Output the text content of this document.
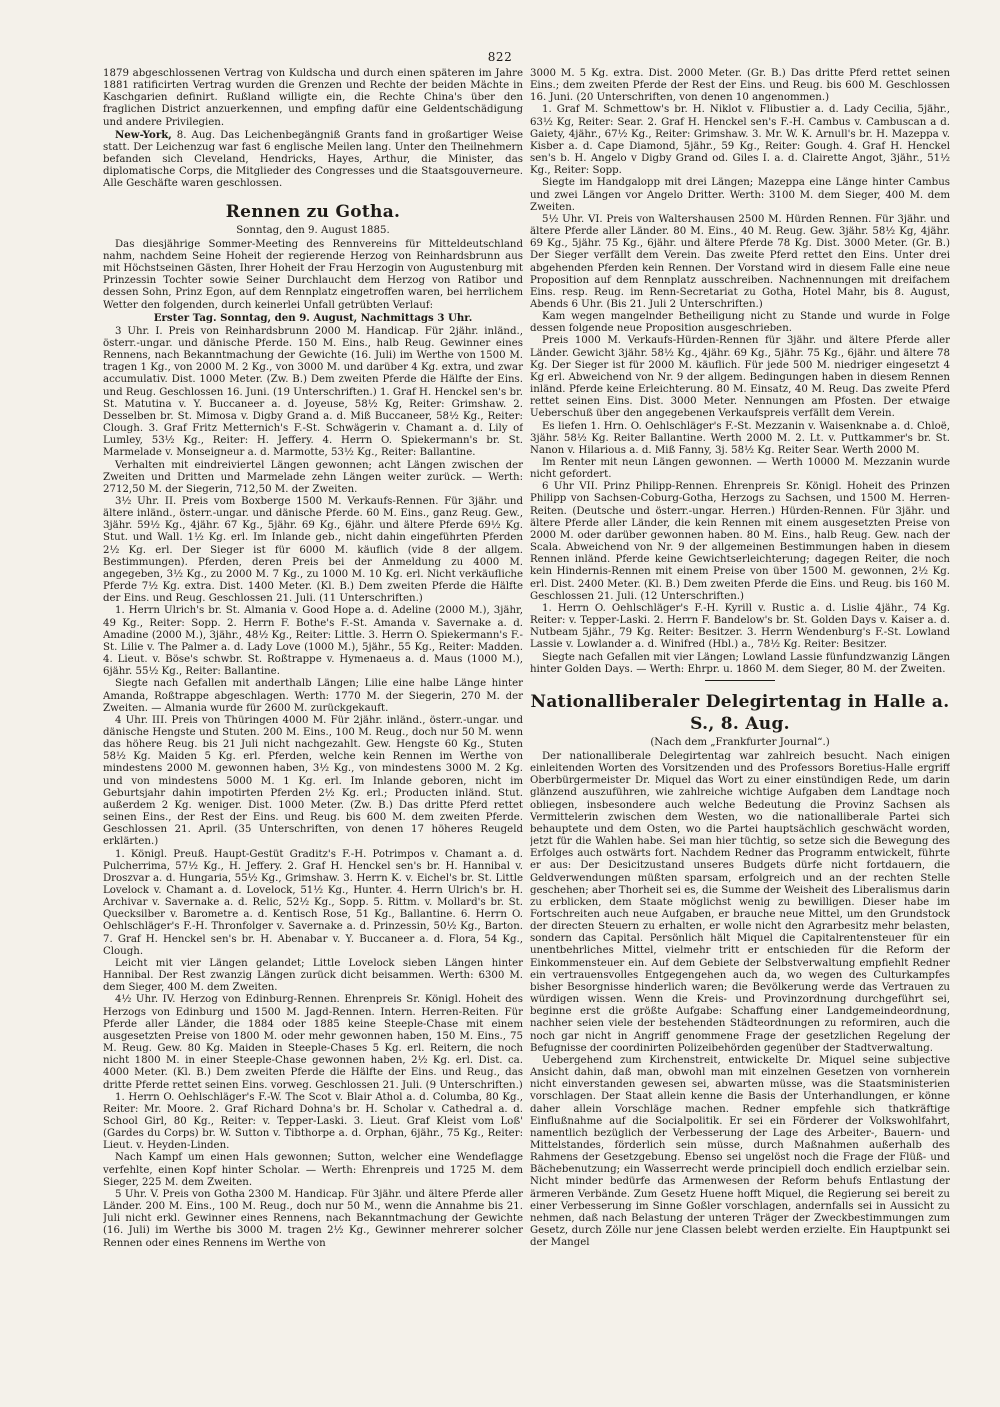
822

1879 abgeschlossenen Vertrag von Kuldscha und durch einen späteren im Jahre 1881 ratificirten Vertrag wurden die Grenzen und Rechte der beiden Mächte in Kaschgarien definirt. Rußland willigte ein, die Rechte China's über den fraglichen District anzuerkennen, und empfing dafür eine Geldentschädigung und andere Privilegien.

New-York, 8. Aug. Das Leichenbegängniß Grants fand in großartiger Weise statt. Der Leichenzug war fast 6 englische Meilen lang. Unter den Theilnehmern befanden sich Cleveland, Hendricks, Hayes, Arthur, die Minister, das diplomatische Corps, die Mitglieder des Congresses und die Staatsgouverneure. Alle Geschäfte waren geschlossen.

Rennen zu Gotha.
Sonntag, den 9. August 1885.

Das diesjährige Sommer-Meeting des Rennvereins für Mitteldeutschland nahm, nachdem Seine Hoheit der regierende Herzog von Reinhardsbrunn aus mit Höchstseinen Gästen, Ihrer Hoheit der Frau Herzogin von Augustenburg mit Prinzessin Tochter sowie Seiner Durchlaucht dem Herzog von Ratibor und dessen Sohn, Prinz Egon, auf dem Rennplatz eingetroffen waren, bei herrlichem Wetter den folgenden, durch keinerlei Unfall getrübten Verlauf:

Erster Tag. Sonntag, den 9. August, Nachmittags 3 Uhr.

3 Uhr. I. Preis von Reinhardsbrunn 2000 M. Handicap. Für 2jähr. inländ., österr.-ungar. und dänische Pferde. 150 M. Eins., halb Reug. Gewinner eines Rennens, nach Bekanntmachung der Gewichte (16. Juli) im Werthe von 1500 M. tragen 1 Kg., von 2000 M. 2 Kg., von 3000 M. und darüber 4 Kg. extra, und zwar accumulativ. Dist. 1000 Meter. (Zw. B.) Dem zweiten Pferde die Hälfte der Eins. und Reug. Geschlossen 16. Juni. (19 Unterschriften.) 1. Graf H. Henckel sen's br. St. Matutina v. Y. Buccaneer a. d. Joyeuse, 58½ Kg, Reiter: Grimshaw. 2. Desselben br. St. Mimosa v. Digby Grand a. d. Miß Buccaneer, 58½ Kg., Reiter: Clough. 3. Graf Fritz Metternich's F.-St. Schwägerin v. Chamant a. d. Lily of Lumley, 53½ Kg., Reiter: H. Jeffery. 4. Herrn O. Spiekermann's br. St. Marmelade v. Monseigneur a. d. Marmotte, 53½ Kg., Reiter: Ballantine.

Verhalten mit eindreiviertel Längen gewonnen; acht Längen zwischen der Zweiten und Dritten und Marmelade zehn Längen weiter zurück. — Werth: 2712,50 M. der Siegerin, 712,50 M. der Zweiten.

3½ Uhr. II. Preis vom Boxberge 1500 M. Verkaufs-Rennen. Für 3jähr. und ältere inländ., österr.-ungar. und dänische Pferde. 60 M. Eins., ganz Reug. Gew., 3jähr. 59½ Kg., 4jähr. 67 Kg., 5jähr. 69 Kg., 6jähr. und ältere Pferde 69½ Kg. Stut. und Wall. 1½ Kg. erl. Im Inlande geb., nicht dahin eingeführten Pferden 2½ Kg. erl. Der Sieger ist für 6000 M. käuflich (vide 8 der allgem. Bestimmungen). Pferden, deren Preis bei der Anmeldung zu 4000 M. angegeben, 3½ Kg., zu 2000 M. 7 Kg., zu 1000 M. 10 Kg. erl. Nicht verkäufliche Pferde 7½ Kg. extra. Dist. 1400 Meter. (Kl. B.) Dem zweiten Pferde die Hälfte der Eins. und Reug. Geschlossen 21. Juli. (11 Unterschriften.)

1. Herrn Ulrich's br. St. Almania v. Good Hope a. d. Adeline (2000 M.), 3jähr, 49 Kg., Reiter: Sopp. 2. Herrn F. Bothe's F.-St. Amanda v. Savernake a. d. Amadine (2000 M.), 3jähr., 48½ Kg., Reiter: Little. 3. Herrn O. Spiekermann's F.-St. Lilie v. The Palmer a. d. Lady Love (1000 M.), 5jähr., 55 Kg., Reiter: Madden. 4. Lieut. v. Böse's schwbr. St. Roßtrappe v. Hymenaeus a. d. Maus (1000 M.), 6jähr. 55½ Kg., Reiter: Ballantine.

Siegte nach Gefallen mit anderthalb Längen; Lilie eine halbe Länge hinter Amanda, Roßtrappe abgeschlagen. Werth: 1770 M. der Siegerin, 270 M. der Zweiten. — Almania wurde für 2600 M. zurückgekauft.

4 Uhr. III. Preis von Thüringen 4000 M. Für 2jähr. inländ., österr.-ungar. und dänische Hengste und Stuten. 200 M. Eins., 100 M. Reug., doch nur 50 M. wenn das höhere Reug. bis 21 Juli nicht nachgezahlt. Gew. Hengste 60 Kg., Stuten 58½ Kg. Maiden 5 Kg. erl. Pferden, welche kein Rennen im Werthe von mindestens 2000 M. gewonnen haben, 3½ Kg., von mindestens 3000 M. 2 Kg. und von mindestens 5000 M. 1 Kg. erl. Im Inlande geboren, nicht im Geburtsjahr dahin impotirten Pferden 2½ Kg. erl.; Producten inländ. Stut. außerdem 2 Kg. weniger. Dist. 1000 Meter. (Zw. B.) Das dritte Pferd rettet seinen Eins., der Rest der Eins. und Reug. bis 600 M. dem zweiten Pferde. Geschlossen 21. April. (35 Unterschriften, von denen 17 höheres Reugeld erklärten.)

1. Königl. Preuß. Haupt-Gestüt Graditz's F.-H. Potrimpos v. Chamant a. d. Pulcherrima, 57½ Kg., H. Jeffery. 2. Graf H. Henckel sen's br. H. Hannibal v. Droszvar a. d. Hungaria, 55½ Kg., Grimshaw. 3. Herrn K. v. Eichel's br. St. Little Lovelock v. Chamant a. d. Lovelock, 51½ Kg., Hunter. 4. Herrn Ulrich's br. H. Archivar v. Savernake a. d. Relic, 52½ Kg., Sopp. 5. Rittm. v. Mollard's br. St. Quecksilber v. Barometre a. d. Kentisch Rose, 51 Kg., Ballantine. 6. Herrn O. Oehlschläger's F.-H. Thronfolger v. Savernake a. d. Prinzessin, 50½ Kg., Barton. 7. Graf H. Henckel sen's br. H. Abenabar v. Y. Buccaneer a. d. Flora, 54 Kg., Clough.

Leicht mit vier Längen gelandet; Little Lovelock sieben Längen hinter Hannibal. Der Rest zwanzig Längen zurück dicht beisammen. Werth: 6300 M. dem Sieger, 400 M. dem Zweiten.

4½ Uhr. IV. Herzog von Edinburg-Rennen. Ehrenpreis Sr. Königl. Hoheit des Herzogs von Edinburg und 1500 M. Jagd-Rennen. Intern. Herren-Reiten. Für Pferde aller Länder, die 1884 oder 1885 keine Steeple-Chase mit einem ausgesetzten Preise von 1800 M. oder mehr gewonnen haben, 150 M. Eins., 75 M. Reug. Gew. 80 Kg. Maiden in Steeple-Chases 5 Kg. erl. Reitern, die noch nicht 1800 M. in einer Steeple-Chase gewonnen haben, 2½ Kg. erl. Dist. ca. 4000 Meter. (Kl. B.) Dem zweiten Pferde die Hälfte der Eins. und Reug., das dritte Pferde rettet seinen Eins. vorweg. Geschlossen 21. Juli. (9 Unterschriften.)

1. Herrn O. Oehlschläger's F.-W. The Scot v. Blair Athol a. d. Columba, 80 Kg., Reiter: Mr. Moore. 2. Graf Richard Dohna's br. H. Scholar v. Cathedral a. d. School Girl, 80 Kg., Reiter: v. Tepper-Laski. 3. Lieut. Graf Kleist vom Loß' (Gardes du Corps) br. W. Sutton v. Tibthorpe a. d. Orphan, 6jähr., 75 Kg., Reiter: Lieut. v. Heyden-Linden.

Nach Kampf um einen Hals gewonnen; Sutton, welcher eine Wendeflagge verfehlte, einen Kopf hinter Scholar. — Werth: Ehrenpreis und 1725 M. dem Sieger, 225 M. dem Zweiten.

5 Uhr. V. Preis von Gotha 2300 M. Handicap. Für 3jähr. und ältere Pferde aller Länder. 200 M. Eins., 100 M. Reug., doch nur 50 M., wenn die Annahme bis 21. Juli nicht erkl. Gewinner eines Rennens, nach Bekanntmachung der Gewichte (16. Juli) im Werthe bis 3000 M. tragen 2½ Kg., Gewinner mehrerer solcher Rennen oder eines Rennens im Werthe von

3000 M. 5 Kg. extra. Dist. 2000 Meter. (Gr. B.) Das dritte Pferd rettet seinen Eins.; dem zweiten Pferde der Rest der Eins. und Reug. bis 600 M. Geschlossen 16. Juni. (20 Unterschriften, von denen 10 angenommen.)

1. Graf M. Schmettow's br. H. Niklot v. Flibustier a. d. Lady Cecilia, 5jähr., 63½ Kg, Reiter: Sear. 2. Graf H. Henckel sen's F.-H. Cambus v. Cambuscan a d. Gaiety, 4jähr., 67½ Kg., Reiter: Grimshaw. 3. Mr. W. K. Arnull's br. H. Mazeppa v. Kisber a. d. Cape Diamond, 5jähr., 59 Kg., Reiter: Gough. 4. Graf H. Henckel sen's b. H. Angelo v Digby Grand od. Giles I. a. d. Clairette Angot, 3jähr., 51½ Kg., Reiter: Sopp.

Siegte im Handgalopp mit drei Längen; Mazeppa eine Länge hinter Cambus und zwei Längen vor Angelo Dritter. Werth: 3100 M. dem Sieger, 400 M. dem Zweiten.

5½ Uhr. VI. Preis von Waltershausen 2500 M. Hürden Rennen. Für 3jähr. und ältere Pferde aller Länder. 80 M. Eins., 40 M. Reug. Gew. 3jähr. 58½ Kg, 4jähr. 69 Kg., 5jähr. 75 Kg., 6jähr. und ältere Pferde 78 Kg. Dist. 3000 Meter. (Gr. B.) Der Sieger verfällt dem Verein. Das zweite Pferd rettet den Eins. Unter drei abgehenden Pferden kein Rennen. Der Vorstand wird in diesem Falle eine neue Proposition auf dem Rennplatz ausschreiben. Nachnennungen mit dreifachem Eins. resp. Reug. im Renn-Secretariat zu Gotha, Hotel Mahr, bis 8. August, Abends 6 Uhr. (Bis 21. Juli 2 Unterschriften.)

Kam wegen mangelnder Betheiligung nicht zu Stande und wurde in Folge dessen folgende neue Proposition ausgeschrieben.

Preis 1000 M. Verkaufs-Hürden-Rennen für 3jähr. und ältere Pferde aller Länder. Gewicht 3jähr. 58½ Kg., 4jähr. 69 Kg., 5jähr. 75 Kg., 6jähr. und ältere 78 Kg. Der Sieger ist für 2000 M. käuflich. Für jede 500 M. niedriger eingesetzt 4 Kg erl. Abweichend von Nr. 9 der allgem. Bedingungen haben in diesem Rennen inländ. Pferde keine Erleichterung. 80 M. Einsatz, 40 M. Reug. Das zweite Pferd rettet seinen Eins. Dist. 3000 Meter. Nennungen am Pfosten. Der etwaige Ueberschuß über den angegebenen Verkaufspreis verfällt dem Verein.

Es liefen 1. Hrn. O. Oehlschläger's F.-St. Mezzanin v. Waisenknabe a. d. Chloë, 3jähr. 58½ Kg. Reiter Ballantine. Werth 2000 M. 2. Lt. v. Puttkammer's br. St. Nanon v. Hilarious a. d. Miß Fanny, 3j. 58½ Kg. Reiter Sear. Werth 2000 M.

Im Renter mit neun Längen gewonnen. — Werth 10000 M. Mezzanin wurde nicht gefordert.

6 Uhr VII. Prinz Philipp-Rennen. Ehrenpreis Sr. Königl. Hoheit des Prinzen Philipp von Sachsen-Coburg-Gotha, Herzogs zu Sachsen, und 1500 M. Herren-Reiten. (Deutsche und österr.-ungar. Herren.) Hürden-Rennen. Für 3jähr. und ältere Pferde aller Länder, die kein Rennen mit einem ausgesetzten Preise von 2000 M. oder darüber gewonnen haben. 80 M. Eins., halb Reug. Gew. nach der Scala. Abweichend von Nr. 9 der allgemeinen Bestimmungen haben in diesem Rennen inländ. Pferde keine Gewichtserleichterung; dagegen Reiter, die noch kein Hindernis-Rennen mit einem Preise von über 1500 M. gewonnen, 2½ Kg. erl. Dist. 2400 Meter. (Kl. B.) Dem zweiten Pferde die Eins. und Reug. bis 160 M. Geschlossen 21. Juli. (12 Unterschriften.)

1. Herrn O. Oehlschläger's F.-H. Kyrill v. Rustic a. d. Lislie 4jähr., 74 Kg. Reiter: v. Tepper-Laski. 2. Herrn F. Bandelow's br. St. Golden Days v. Kaiser a. d. Nutbeam 5jähr., 79 Kg. Reiter: Besitzer. 3. Herrn Wendenburg's F.-St. Lowland Lassie v. Lowlander a. d. Winifred (Hbl.) a., 78½ Kg. Reiter: Besitzer.

Siegte nach Gefallen mit vier Längen; Lowland Lassie fünfundzwanzig Längen hinter Golden Days. — Werth: Ehrpr. u. 1860 M. dem Sieger, 80 M. der Zweiten.

Nationalliberaler Delegirtentag in Halle a. S., 8. Aug.
(Nach dem „Frankfurter Journal“.)

Der nationalliberale Delegirtentag war zahlreich besucht. Nach einigen einleitenden Worten des Vorsitzenden und des Professors Boretius-Halle ergriff Oberbürgermeister Dr. Miquel das Wort zu einer einstündigen Rede, um darin glänzend auszuführen, wie zahlreiche wichtige Aufgaben dem Landtage noch obliegen, insbesondere auch welche Bedeutung die Provinz Sachsen als Vermittelerin zwischen dem Westen, wo die nationalliberale Partei sich behauptete und dem Osten, wo die Partei hauptsächlich geschwächt worden, jetzt für die Wahlen habe. Sei man hier tüchtig, so setze sich die Bewegung des Erfolges auch ostwärts fort. Nachdem Redner das Programm entwickelt, führte er aus: Der Desicitzustand unseres Budgets dürfe nicht fortdauern, die Geldverwendungen müßten sparsam, erfolgreich und an der rechten Stelle geschehen; aber Thorheit sei es, die Summe der Weisheit des Liberalismus darin zu erblicken, dem Staate möglichst wenig zu bewilligen. Dieser habe im Fortschreiten auch neue Aufgaben, er brauche neue Mittel, um den Grundstock der directen Steuern zu erhalten, er wolle nicht den Agrarbesitz mehr belasten, sondern das Capital. Persönlich hält Miquel die Capitalrentensteuer für ein unentbehrliches Mittel, vielmehr tritt er entschieden für die Reform der Einkommensteuer ein. Auf dem Gebiete der Selbstverwaltung empfiehlt Redner ein vertrauensvolles Entgegengehen auch da, wo wegen des Culturkampfes bisher Besorgnisse hinderlich waren; die Bevölkerung werde das Vertrauen zu würdigen wissen. Wenn die Kreis- und Provinzordnung durchgeführt sei, beginne erst die größte Aufgabe: Schaffung einer Landgemeindeordnung, nachher seien viele der bestehenden Städteordnungen zu reformiren, auch die noch gar nicht in Angriff genommene Frage der gesetzlichen Regelung der Befugnisse der coordinirten Polizeibehörden gegenüber der Stadtverwaltung.

Uebergehend zum Kirchenstreit, entwickelte Dr. Miquel seine subjective Ansicht dahin, daß man, obwohl man mit einzelnen Gesetzen von vornherein nicht einverstanden gewesen sei, abwarten müsse, was die Staatsministerien vorschlagen. Der Staat allein kenne die Basis der Unterhandlungen, er könne daher allein Vorschläge machen. Redner empfehle sich thatkräftige Einflußnahme auf die Socialpolitik. Er sei ein Förderer der Volkswohlfahrt, namentlich bezüglich der Verbesserung der Lage des Arbeiter-, Bauern- und Mittelstandes, förderlich sein müsse, durch Maßnahmen außerhalb des Rahmens der Gesetzgebung. Ebenso sei ungelöst noch die Frage der Flüß- und Bächebenutzung; ein Wasserrecht werde principiell doch endlich erzielbar sein. Nicht minder bedürfe das Armenwesen der Reform behufs Entlastung der ärmeren Verbände. Zum Gesetz Huene hofft Miquel, die Regierung sei bereit zu einer Verbesserung im Sinne Goßler vorschlagen, andernfalls sei in Aussicht zu nehmen, daß nach Belastung der unteren Träger der Zweckbestimmungen zum Gesetz, durch Zölle nur jene Classen belebt werden erzielte. Ein Hauptpunkt sei der Mangel
